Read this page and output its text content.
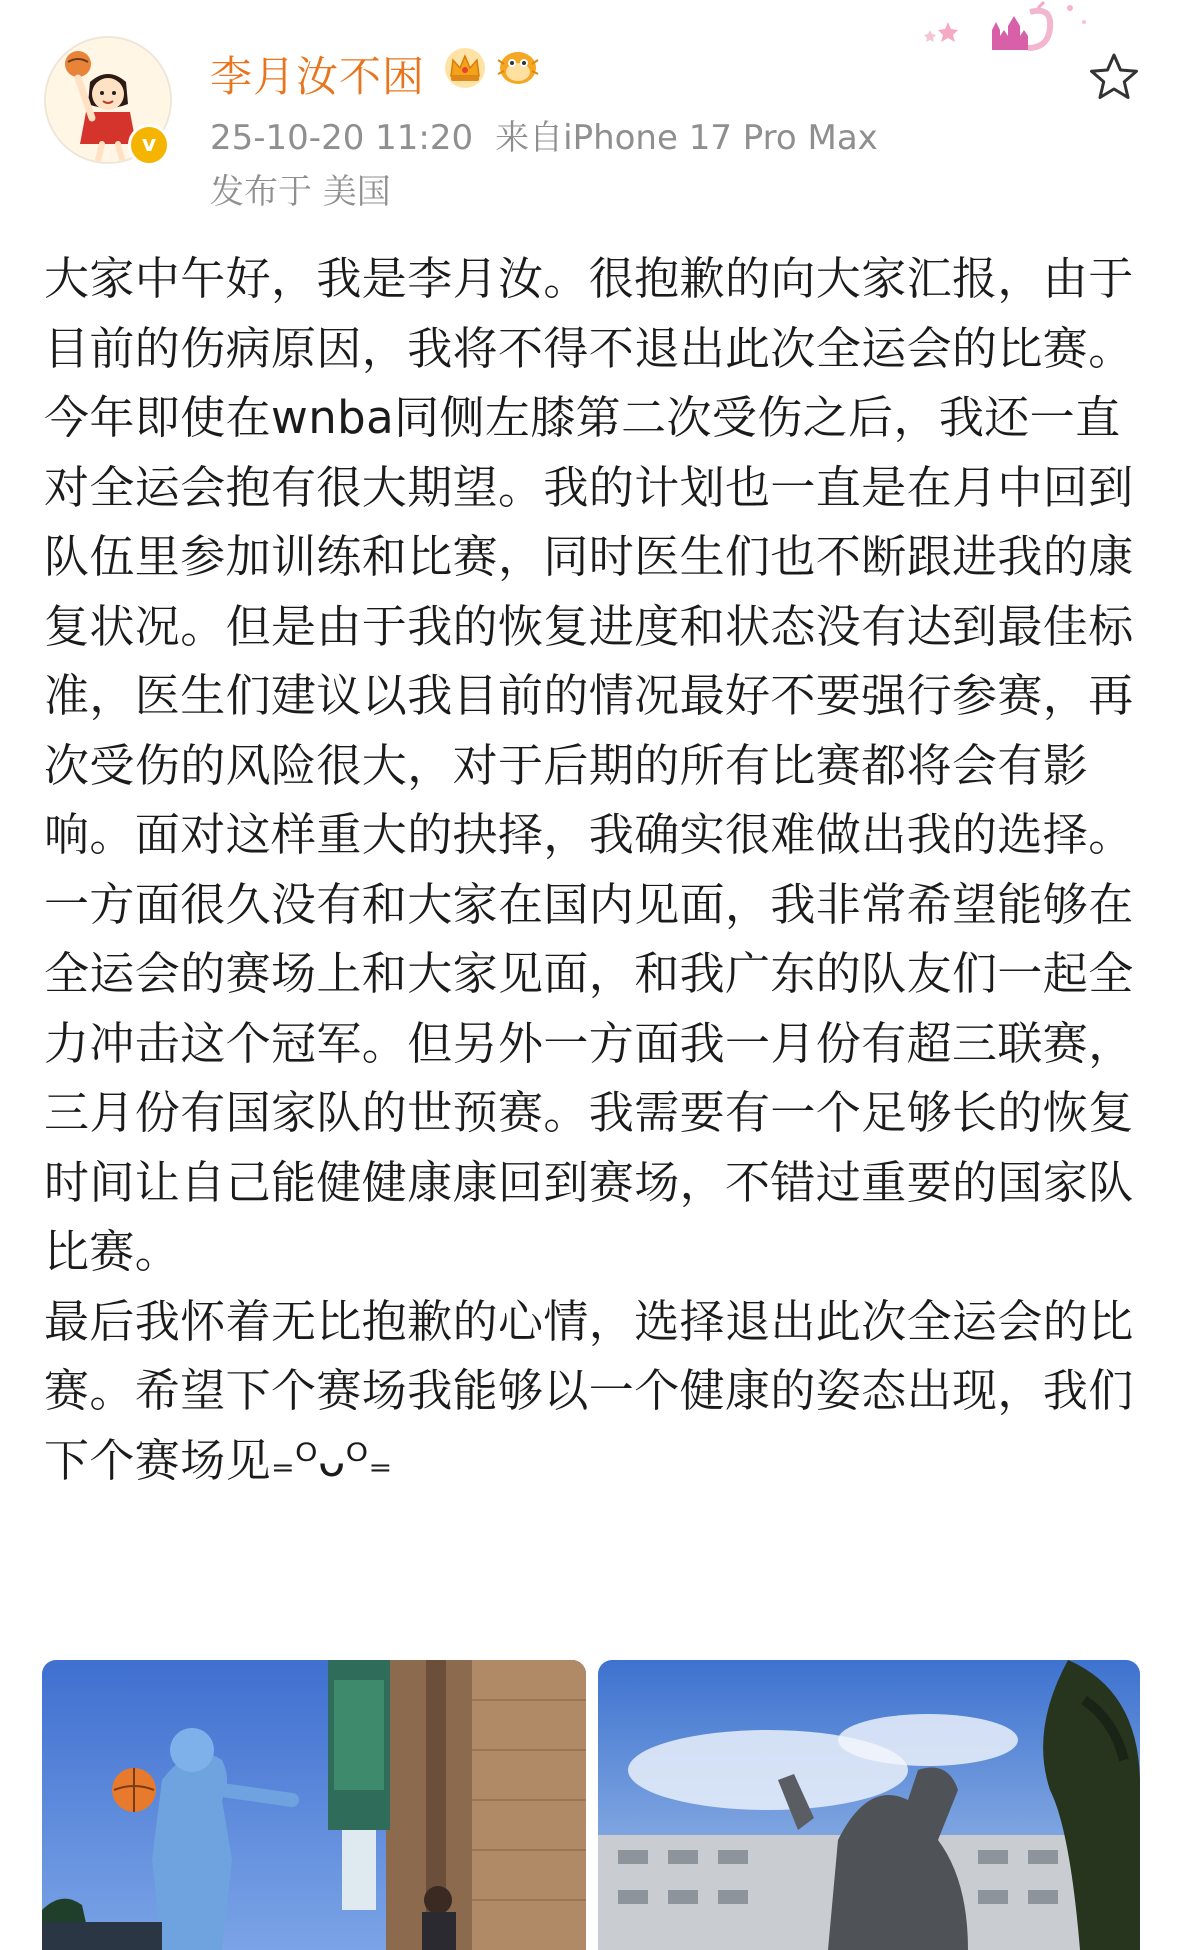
v
李月汝不困
25-10-20 11:20 来自iPhone 17 Pro Max
发布于 美国
大家中午好，我是李月汝。很抱歉的向大家汇报，由于目前的伤病原因，我将不得不退出此次全运会的比赛。
今年即使在wnba同侧左膝第二次受伤之后，我还一直对全运会抱有很大期望。我的计划也一直是在月中回到队伍里参加训练和比赛，同时医生们也不断跟进我的康复状况。但是由于我的恢复进度和状态没有达到最佳标准，医生们建议以我目前的情况最好不要强行参赛，再次受伤的风险很大，对于后期的所有比赛都将会有影响。面对这样重大的抉择，我确实很难做出我的选择。一方面很久没有和大家在国内见面，我非常希望能够在全运会的赛场上和大家见面，和我广东的队友们一起全力冲击这个冠军。但另外一方面我一月份有超三联赛，三月份有国家队的世预赛。我需要有一个足够长的恢复时间让自己能健健康康回到赛场，不错过重要的国家队比赛。
最后我怀着无比抱歉的心情，选择退出此次全运会的比赛。希望下个赛场我能够以一个健康的姿态出现，我们下个赛场见₌ᴼᴗᴼ₌
